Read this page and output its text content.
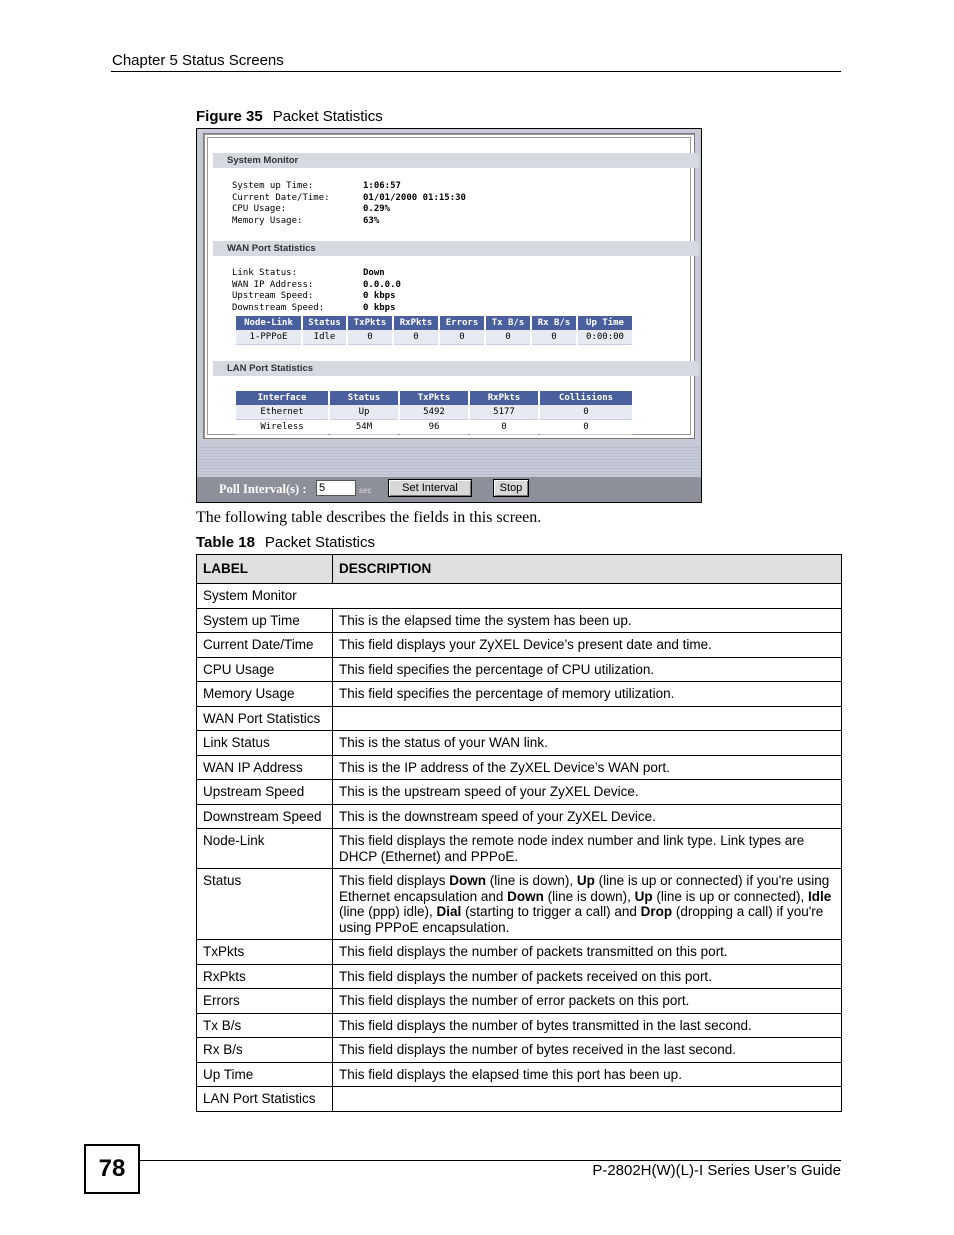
Chapter 5 Status Screens
Figure 35 Packet Statistics
System Monitor
System up Time:	1:06:57
Current Date/Time:	01/01/2000 01:15:30
CPU Usage:	0.29%
Memory Usage:	63%
WAN Port Statistics
Link Status:	Down
WAN IP Address:	0.0.0.0
Upstream Speed:	0 kbps
Downstream Speed:	0 kbps
Node-Link	Status	TxPkts	RxPkts	Errors	Tx B/s	Rx B/s	Up Time
1-PPPoE	Idle	0	0	0	0	0	0:00:00
LAN Port Statistics
Interface	Status	TxPkts	RxPkts	Collisions
Ethernet	Up	5492	5177	0
Wireless	54M	96	0	0
Poll Interval(s) : 5	sec	Set Interval	Stop
The following table describes the fields in this screen.
Table 18 Packet Statistics
LABEL	DESCRIPTION
System Monitor	
System up Time	This is the elapsed time the system has been up.
Current Date/Time	This field displays your ZyXEL Device’s present date and time.
CPU Usage	This field specifies the percentage of CPU utilization.
Memory Usage	This field specifies the percentage of memory utilization.
WAN Port Statistics	
Link Status	This is the status of your WAN link.
WAN IP Address	This is the IP address of the ZyXEL Device’s WAN port.
Upstream Speed	This is the upstream speed of your ZyXEL Device.
Downstream Speed	This is the downstream speed of your ZyXEL Device.
Node-Link	This field displays the remote node index number and link type. Link types are DHCP (Ethernet) and PPPoE.
Status	This field displays Down (line is down), Up (line is up or connected) if you're using Ethernet encapsulation and Down (line is down), Up (line is up or connected), Idle (line (ppp) idle), Dial (starting to trigger a call) and Drop (dropping a call) if you're using PPPoE encapsulation.
TxPkts	This field displays the number of packets transmitted on this port.
RxPkts	This field displays the number of packets received on this port.
Errors	This field displays the number of error packets on this port.
Tx B/s	This field displays the number of bytes transmitted in the last second.
Rx B/s	This field displays the number of bytes received in the last second.
Up Time	This field displays the elapsed time this port has been up.
LAN Port Statistics	
78	P-2802H(W)(L)-I Series User’s Guide
